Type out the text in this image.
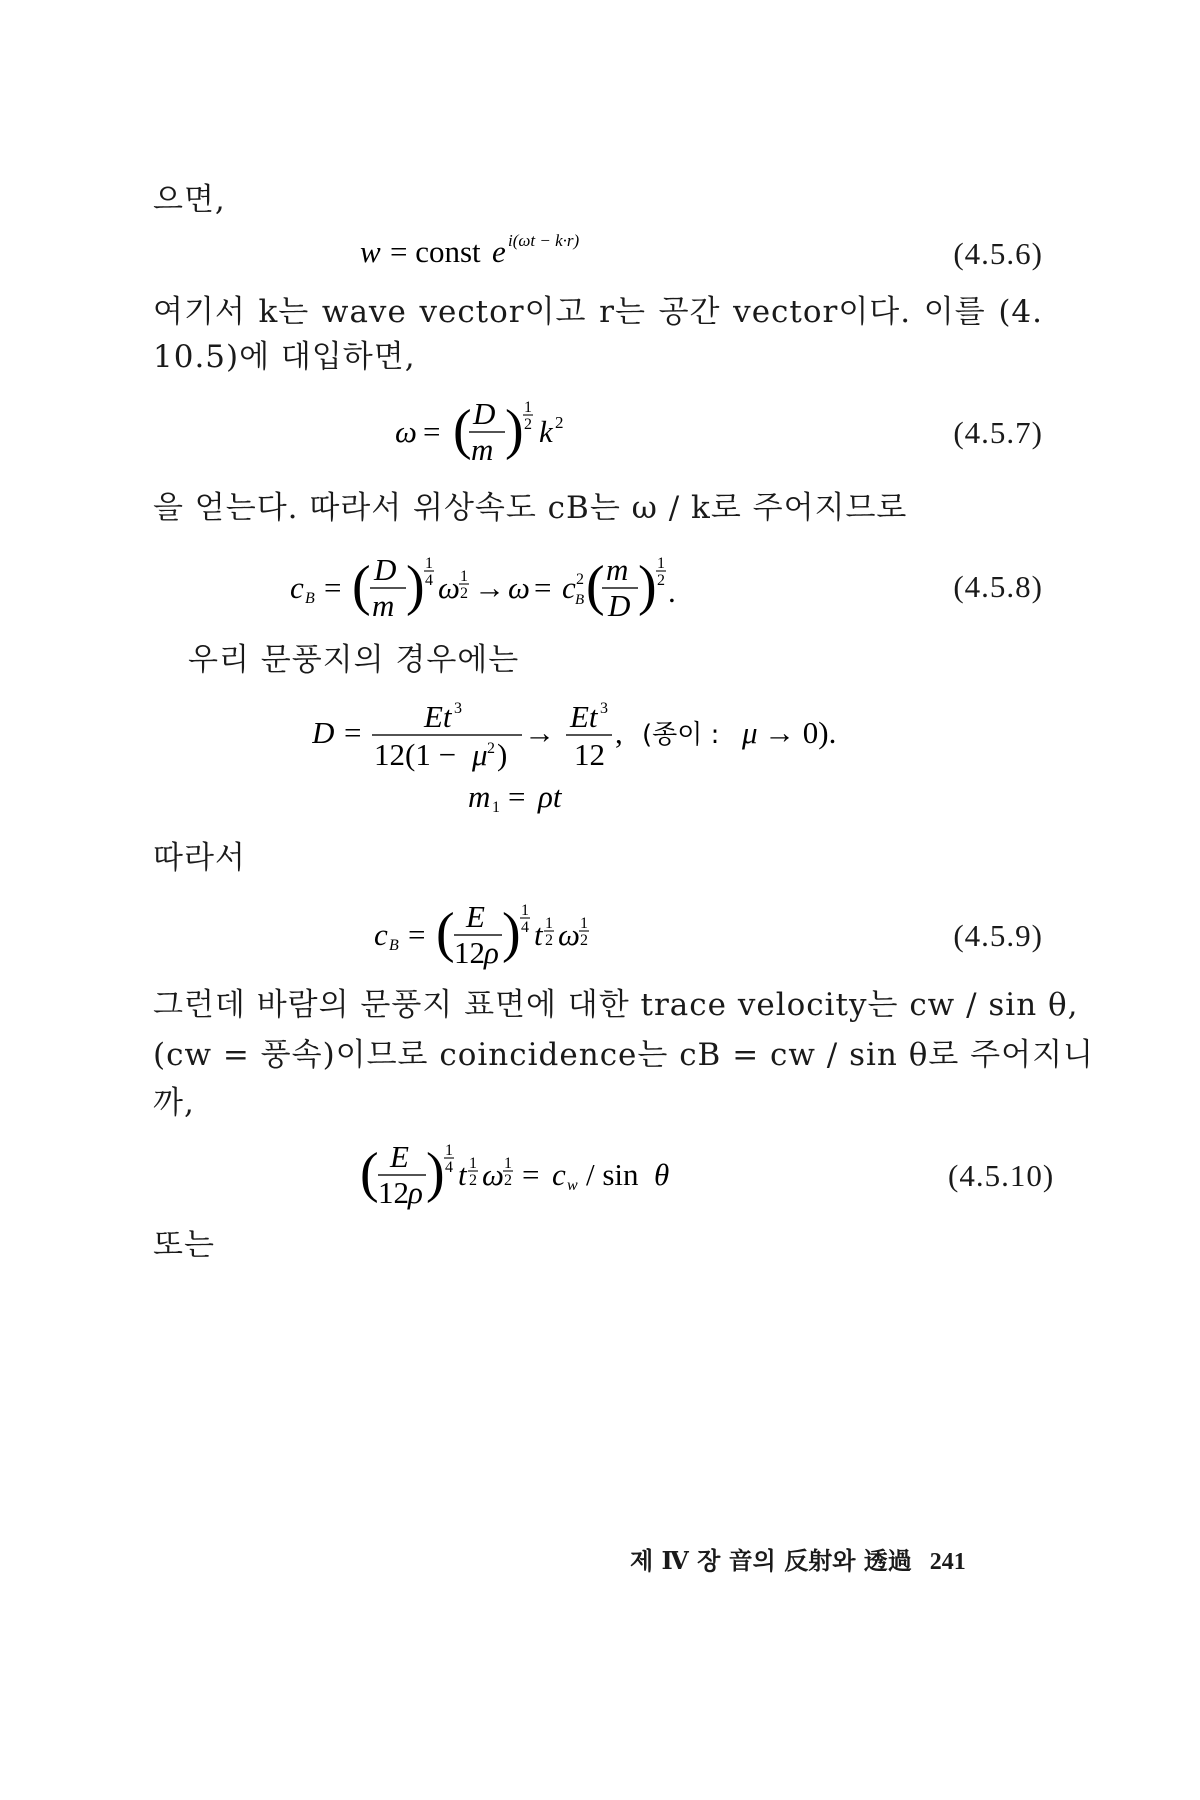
으면,
w = const e i(ωt − k·r)	(4.5.6)
여기서 k는 wave vector이고 r는 공간 vector이다. 이를 (4.
10.5)에 대입하면,
ω = ( D
m ) 1
2 k 2	(4.5.7)
을 얻는다. 따라서 위상속도 cB는 ω / k로 주어지므로
c B = ( D
m ) 1
4 ω 1
2 → ω = c 2
B ( m
D ) 1
2 .	(4.5.8)
우리 문풍지의 경우에는
D = Et 3
12(1 − μ 2 )
→ Et 3
12
, (종이 : μ → 0).
m 1 = ρt
따라서
c B = ( E
12 ρ ) 1
4 t 1
2 ω 1
2	(4.5.9)
그런데 바람의 문풍지 표면에 대한 trace velocity는 cw / sin θ,
(cw = 풍속)이므로 coincidence는 cB = cw / sin θ로 주어지니
까,
( E
12 ρ ) 1
4 t 1
2 ω 1
2 = c w / sin θ	(4.5.10)
또는
제 Ⅳ 장 音의 反射와 透過 241
